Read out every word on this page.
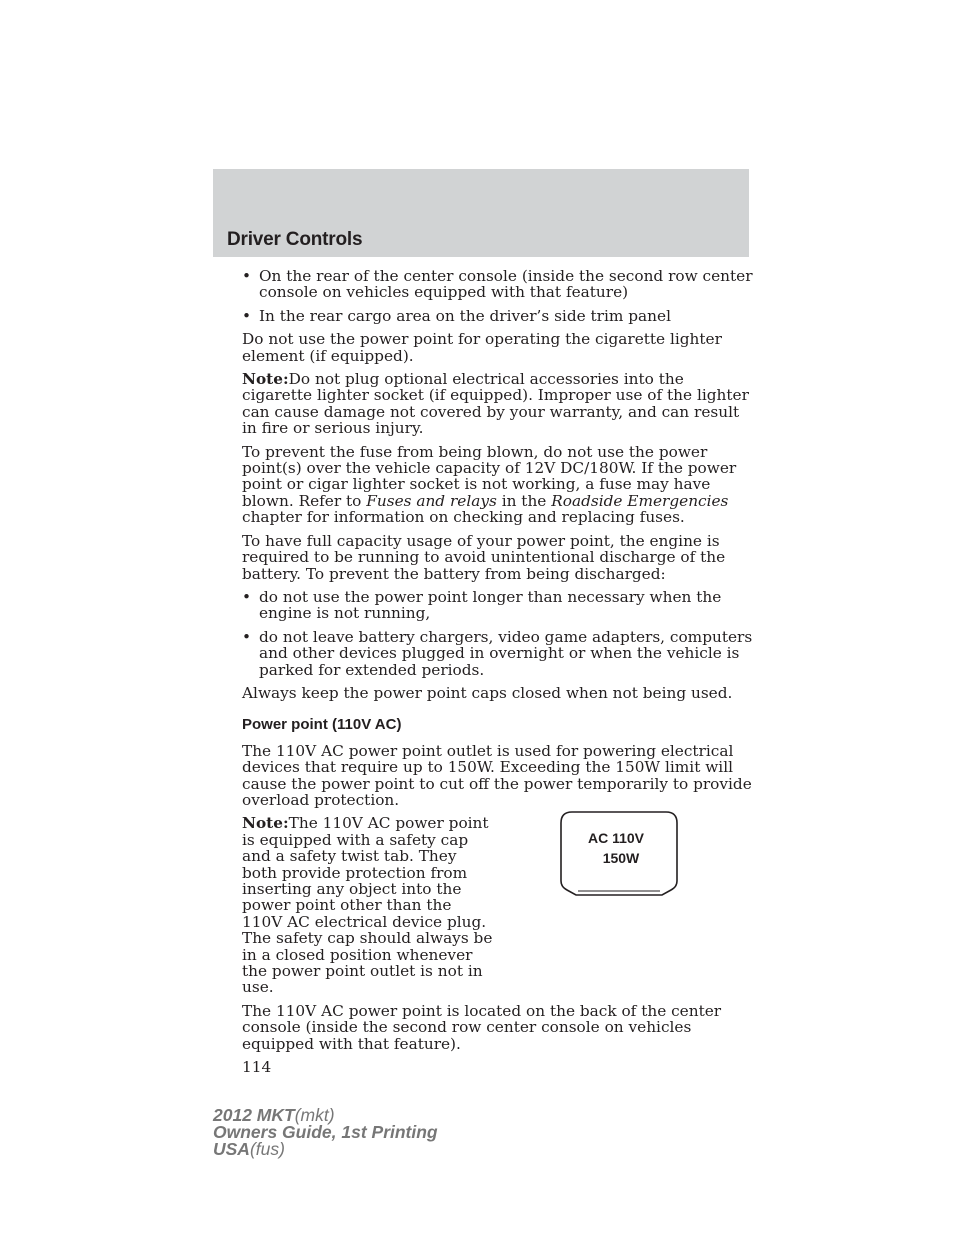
Driver Controls
• On the rear of the center console (inside the second row center console on vehicles equipped with that feature)
• In the rear cargo area on the driver’s side trim panel

Do not use the power point for operating the cigarette lighter element (if equipped).

Note:Do not plug optional electrical accessories into the cigarette lighter socket (if equipped). Improper use of the lighter can cause damage not covered by your warranty, and can result in fire or serious injury.

To prevent the fuse from being blown, do not use the power point(s) over the vehicle capacity of 12V DC/180W. If the power point or cigar lighter socket is not working, a fuse may have blown. Refer to Fuses and relays in the Roadside Emergencies chapter for information on checking and replacing fuses.

To have full capacity usage of your power point, the engine is required to be running to avoid unintentional discharge of the battery. To prevent the battery from being discharged:

• do not use the power point longer than necessary when the engine is not running,
• do not leave battery chargers, video game adapters, computers and other devices plugged in overnight or when the vehicle is parked for extended periods.

Always keep the power point caps closed when not being used.

Power point (110V AC)

The 110V AC power point outlet is used for powering electrical devices that require up to 150W. Exceeding the 150W limit will cause the power point to cut off the power temporarily to provide overload protection.

Note:The 110V AC power point is equipped with a safety cap and a safety twist tab. They both provide protection from inserting any object into the power point other than the 110V AC electrical device plug. The safety cap should always be in a closed position whenever the power point outlet is not in use.

AC 110V
150W

The 110V AC power point is located on the back of the center console (inside the second row center console on vehicles equipped with that feature).

114
2012 MKT(mkt)
Owners Guide, 1st Printing
USA(fus)
